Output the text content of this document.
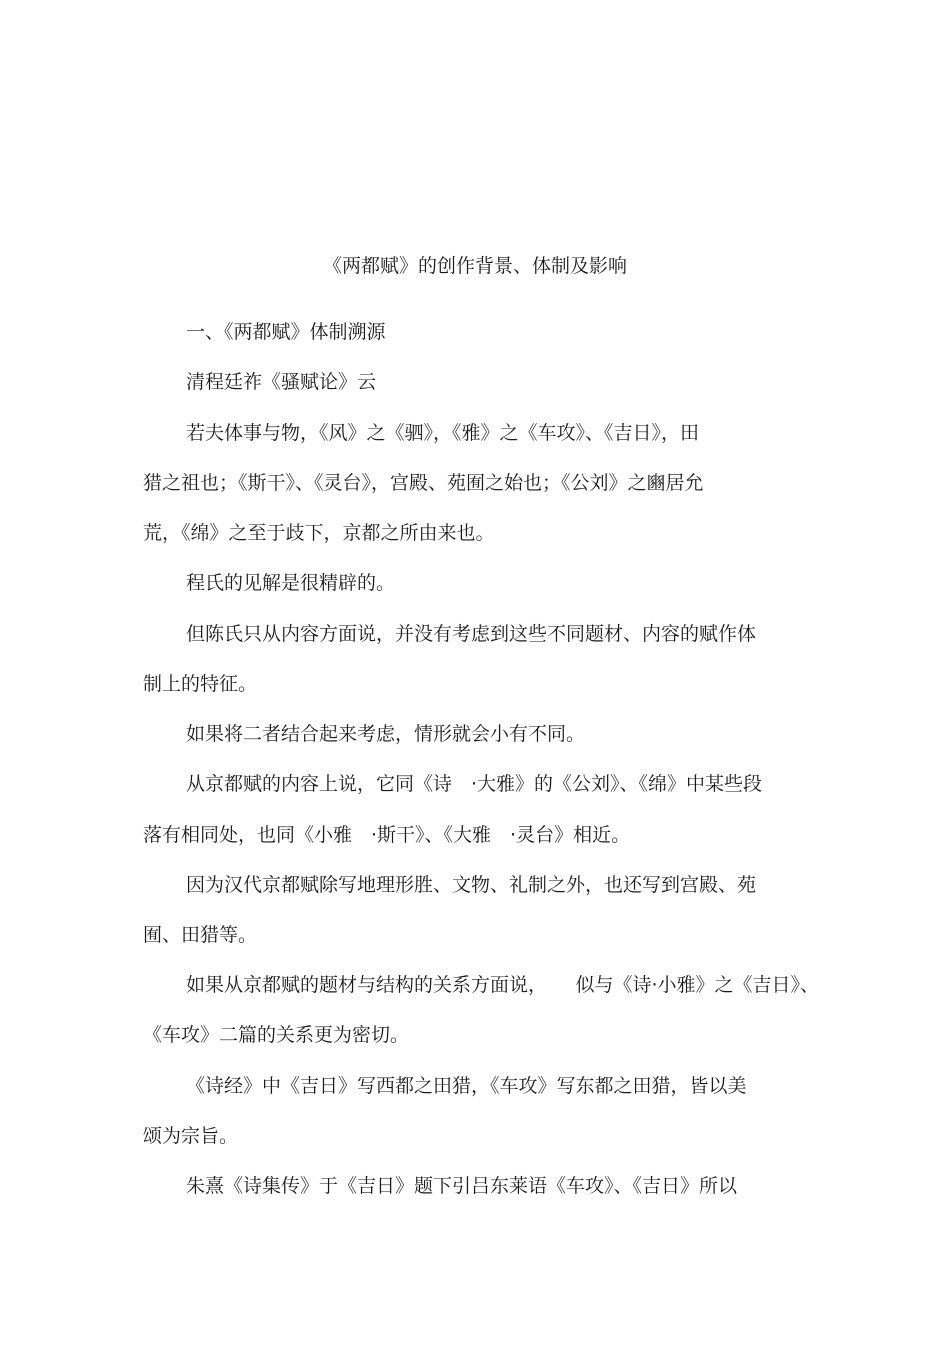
《两都赋》的创作背景、体制及影响
一、《两都赋》体制溯源
清程廷祚《骚赋论》云
若夫体事与物，《风》之《驷》，《雅》之《车攻》、《吉日》，田
猎之祖也；《斯干》、《灵台》，宫殿、苑囿之始也；《公刘》之豳居允
荒，《绵》之至于歧下，京都之所由来也。
程氏的见解是很精辟的。
但陈氏只从内容方面说，并没有考虑到这些不同题材、内容的赋作体
制上的特征。
如果将二者结合起来考虑，情形就会小有不同。
从京都赋的内容上说，它同《诗　·大雅》的《公刘》、《绵》中某些段
落有相同处，也同《小雅　·斯干》、《大雅　·灵台》相近。
因为汉代京都赋除写地理形胜、文物、礼制之外，也还写到宫殿、苑
囿、田猎等。
如果从京都赋的题材与结构的关系方面说，　　似与《诗·小雅》之《吉日》、
《车攻》二篇的关系更为密切。
《诗经》中《吉日》写西都之田猎，《车攻》写东都之田猎，皆以美
颂为宗旨。
朱熹《诗集传》于《吉日》题下引吕东莱语《车攻》、《吉日》所以
